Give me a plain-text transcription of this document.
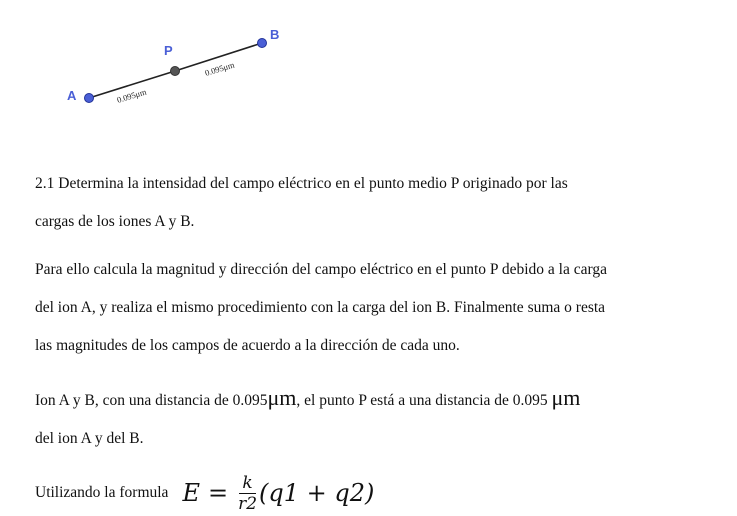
A
P
B
0.095μm
0.095μm
2.1 Determina la intensidad del campo eléctrico en el punto medio P originado por las
cargas de los iones A y B.
Para ello calcula la magnitud y dirección del campo eléctrico en el punto P debido a la carga
del ion A, y realiza el mismo procedimiento con la carga del ion B. Finalmente suma o resta
las magnitudes de los campos de acuerdo a la dirección de cada uno.
Ion A y B, con una distancia de 0.095μm, el punto P está a una distancia de 0.095 μm
del ion A y del B.
Utilizando la formula $E = \frac{k}{r2} (q1 + q2)$
